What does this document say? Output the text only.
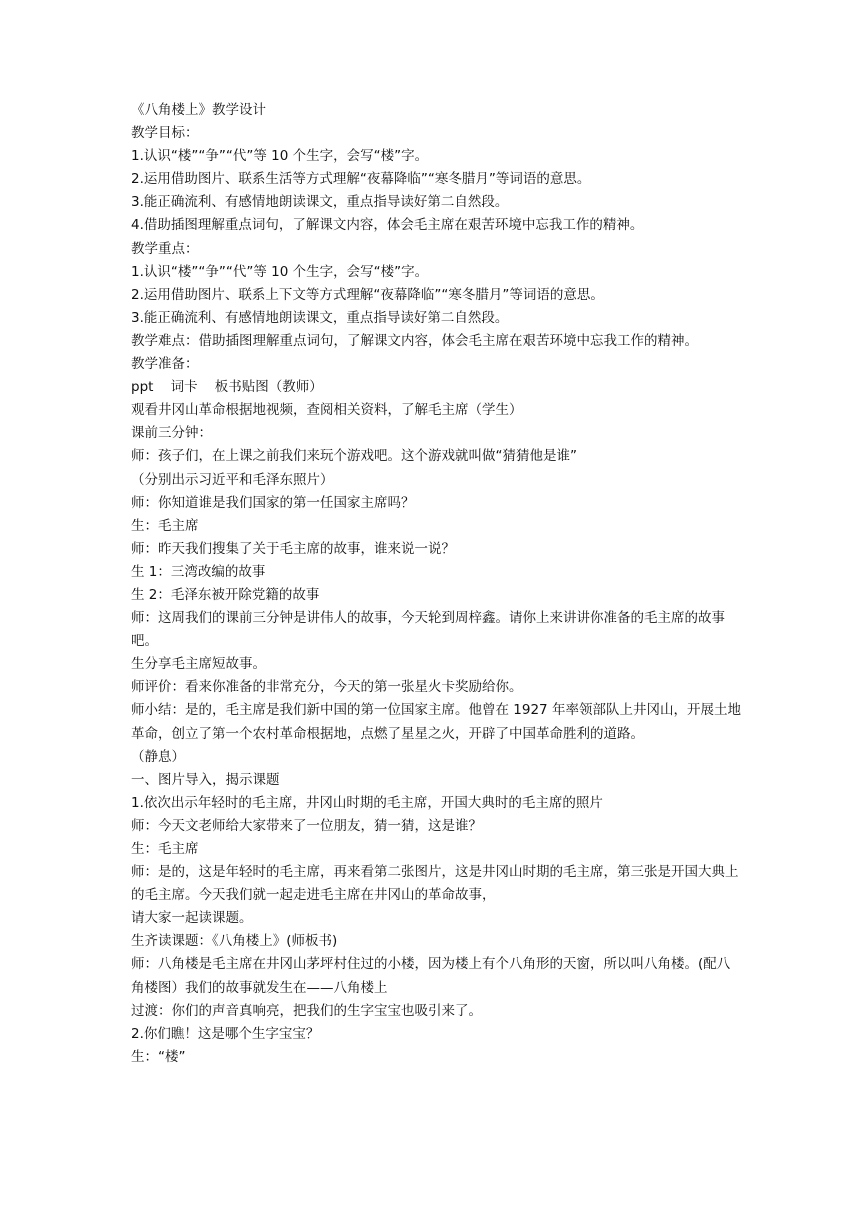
《八角楼上》教学设计

教学目标：

1.认识“楼”“争”“代”等 10 个生字，会写“楼”字。

2.运用借助图片、联系生活等方式理解“夜幕降临”“寒冬腊月”等词语的意思。

3.能正确流利、有感情地朗读课文，重点指导读好第二自然段。

4.借助插图理解重点词句，了解课文内容，体会毛主席在艰苦环境中忘我工作的精神。

教学重点：

1.认识“楼”“争”“代”等 10 个生字，会写“楼”字。

2.运用借助图片、联系上下文等方式理解“夜幕降临”“寒冬腊月”等词语的意思。

3.能正确流利、有感情地朗读课文，重点指导读好第二自然段。

教学难点：借助插图理解重点词句，了解课文内容，体会毛主席在艰苦环境中忘我工作的精神。

教学准备：

ppt    词卡    板书贴图（教师）

观看井冈山革命根据地视频，查阅相关资料，了解毛主席（学生）

课前三分钟：

师：孩子们，在上课之前我们来玩个游戏吧。这个游戏就叫做“猜猜他是谁”

（分别出示习近平和毛泽东照片）

师：你知道谁是我们国家的第一任国家主席吗？

生：毛主席

师：昨天我们搜集了关于毛主席的故事，谁来说一说？

生 1：三湾改编的故事

生 2：毛泽东被开除党籍的故事

师：这周我们的课前三分钟是讲伟人的故事，今天轮到周梓鑫。请你上来讲讲你准备的毛主席的故事吧。

生分享毛主席短故事。

师评价：看来你准备的非常充分，今天的第一张星火卡奖励给你。

师小结：是的，毛主席是我们新中国的第一位国家主席。他曾在 1927 年率领部队上井冈山，开展土地革命，创立了第一个农村革命根据地，点燃了星星之火，开辟了中国革命胜利的道路。

（静息）

一、图片导入，揭示课题

1.依次出示年轻时的毛主席，井冈山时期的毛主席，开国大典时的毛主席的照片

师：今天文老师给大家带来了一位朋友，猜一猜，这是谁？

生：毛主席

师：是的，这是年轻时的毛主席，再来看第二张图片，这是井冈山时期的毛主席，第三张是开国大典上的毛主席。今天我们就一起走进毛主席在井冈山的革命故事，

请大家一起读课题。

生齐读课题：《八角楼上》(师板书)

师：八角楼是毛主席在井冈山茅坪村住过的小楼，因为楼上有个八角形的天窗，所以叫八角楼。(配八角楼图）我们的故事就发生在——八角楼上

过渡：你们的声音真响亮，把我们的生字宝宝也吸引来了。

2.你们瞧！这是哪个生字宝宝？

生：“楼”
